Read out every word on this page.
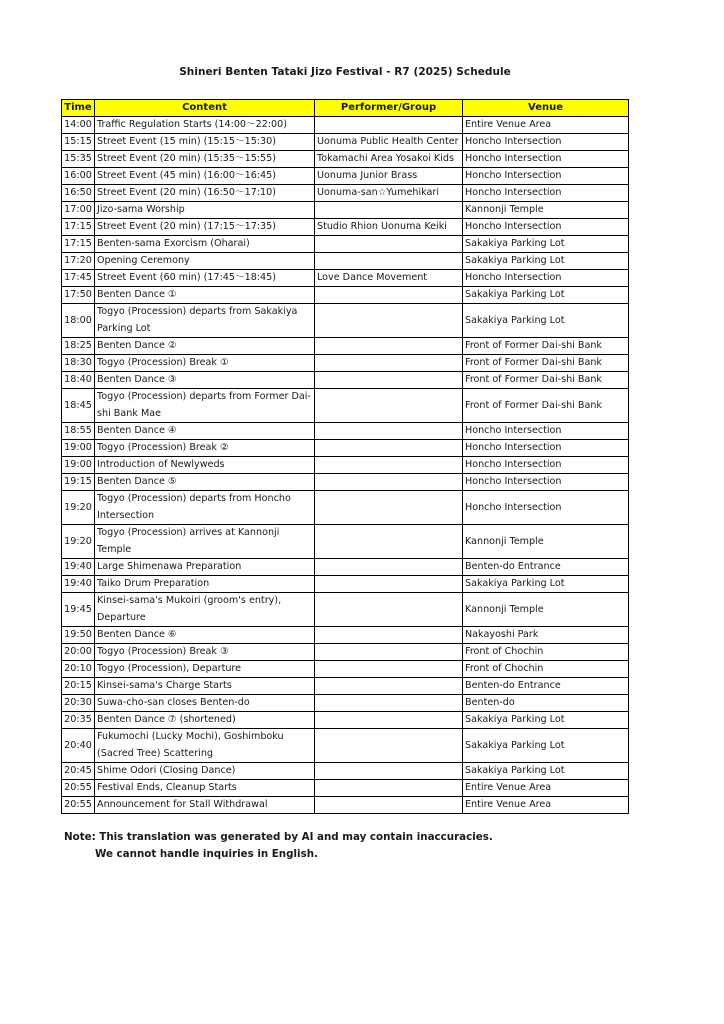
Shineri Benten Tataki Jizo Festival - R7 (2025) Schedule
Time	Content	Performer/Group	Venue
14:00	Traffic Regulation Starts (14:00～22:00)		Entire Venue Area
15:15	Street Event (15 min) (15:15～15:30)	Uonuma Public Health Center	Honcho Intersection
15:35	Street Event (20 min) (15:35～15:55)	Tokamachi Area Yosakoi Kids	Honcho Intersection
16:00	Street Event (45 min) (16:00～16:45)	Uonuma Junior Brass	Honcho Intersection
16:50	Street Event (20 min) (16:50～17:10)	Uonuma-san☆Yumehikari	Honcho Intersection
17:00	Jizo-sama Worship		Kannonji Temple
17:15	Street Event (20 min) (17:15～17:35)	Studio Rhion Uonuma Keiki	Honcho Intersection
17:15	Benten-sama Exorcism (Oharai)		Sakakiya Parking Lot
17:20	Opening Ceremony		Sakakiya Parking Lot
17:45	Street Event (60 min) (17:45～18:45)	Love Dance Movement	Honcho Intersection
17:50	Benten Dance ①		Sakakiya Parking Lot
18:00	Togyo (Procession) departs from Sakakiya Parking Lot		Sakakiya Parking Lot
18:25	Benten Dance ②		Front of Former Dai-shi Bank
18:30	Togyo (Procession) Break ①		Front of Former Dai-shi Bank
18:40	Benten Dance ③		Front of Former Dai-shi Bank
18:45	Togyo (Procession) departs from Former Dai-shi Bank Mae		Front of Former Dai-shi Bank
18:55	Benten Dance ④		Honcho Intersection
19:00	Togyo (Procession) Break ②		Honcho Intersection
19:00	Introduction of Newlyweds		Honcho Intersection
19:15	Benten Dance ⑤		Honcho Intersection
19:20	Togyo (Procession) departs from Honcho Intersection		Honcho Intersection
19:20	Togyo (Procession) arrives at Kannonji Temple		Kannonji Temple
19:40	Large Shimenawa Preparation		Benten-do Entrance
19:40	Taiko Drum Preparation		Sakakiya Parking Lot
19:45	Kinsei-sama's Mukoiri (groom's entry), Departure		Kannonji Temple
19:50	Benten Dance ⑥		Nakayoshi Park
20:00	Togyo (Procession) Break ③		Front of Chochin
20:10	Togyo (Procession), Departure		Front of Chochin
20:15	Kinsei-sama's Charge Starts		Benten-do Entrance
20:30	Suwa-cho-san closes Benten-do		Benten-do
20:35	Benten Dance ⑦ (shortened)		Sakakiya Parking Lot
20:40	Fukumochi (Lucky Mochi), Goshimboku (Sacred Tree) Scattering		Sakakiya Parking Lot
20:45	Shime Odori (Closing Dance)		Sakakiya Parking Lot
20:55	Festival Ends, Cleanup Starts		Entire Venue Area
20:55	Announcement for Stall Withdrawal		Entire Venue Area
Note: This translation was generated by AI and may contain inaccuracies.
We cannot handle inquiries in English.
